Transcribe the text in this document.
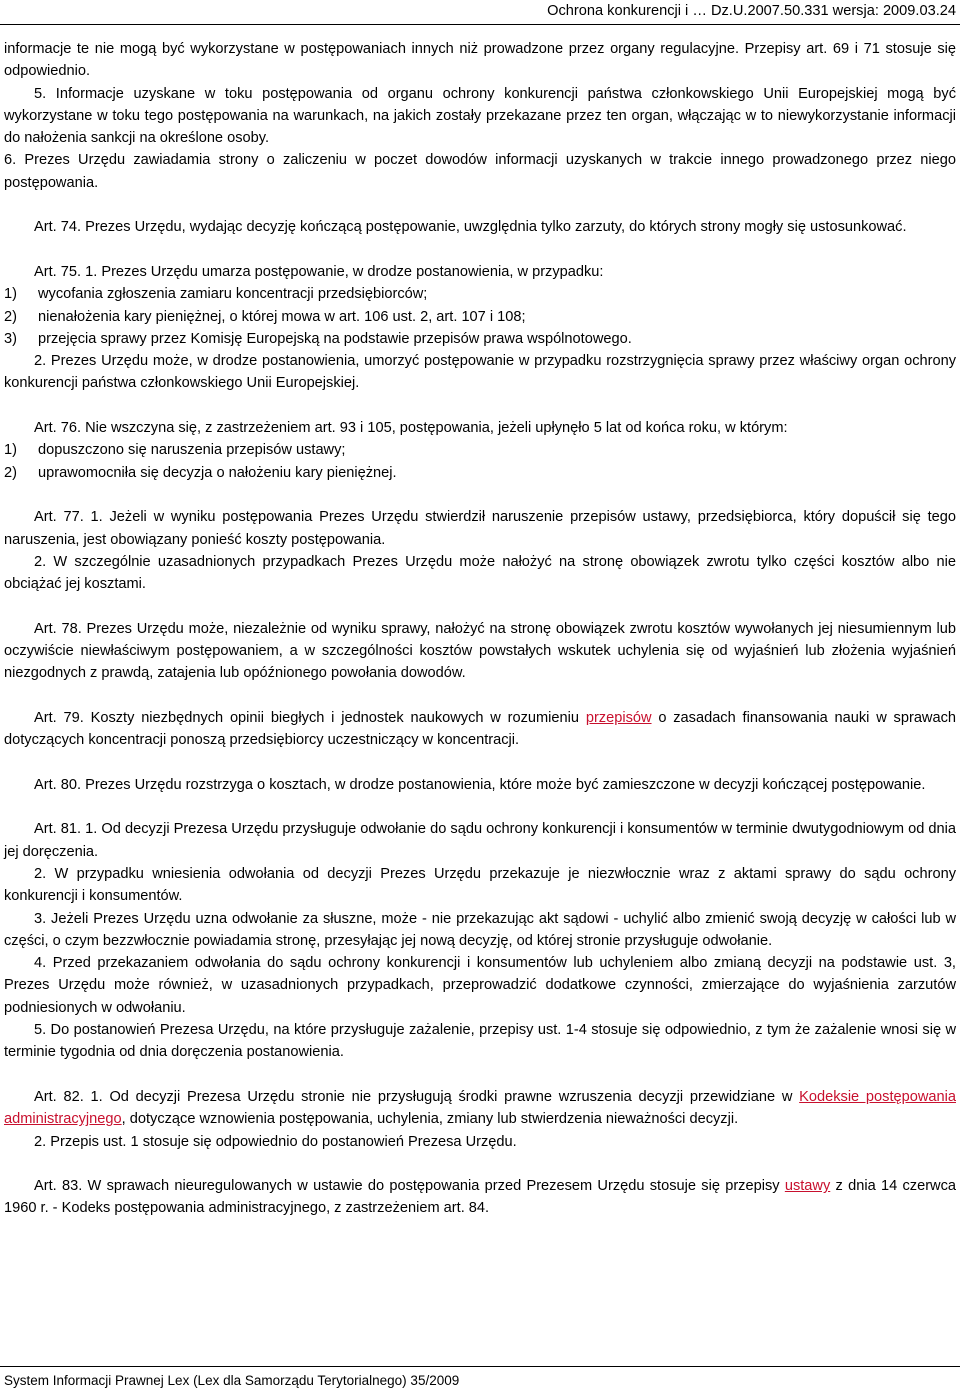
Ochrona konkurencji i … Dz.U.2007.50.331 wersja: 2009.03.24

informacje te nie mogą być wykorzystane w postępowaniach innych niż prowadzone przez organy regulacyjne. Przepisy art. 69 i 71 stosuje się odpowiednio.

5. Informacje uzyskane w toku postępowania od organu ochrony konkurencji państwa członkowskiego Unii Europejskiej mogą być wykorzystane w toku tego postępowania na warunkach, na jakich zostały przekazane przez ten organ, włączając w to niewykorzystanie informacji do nałożenia sankcji na określone osoby.

6. Prezes Urzędu zawiadamia strony o zaliczeniu w poczet dowodów informacji uzyskanych w trakcie innego prowadzonego przez niego postępowania.

Art. 74. Prezes Urzędu, wydając decyzję kończącą postępowanie, uwzględnia tylko zarzuty, do których strony mogły się ustosunkować.

Art. 75. 1. Prezes Urzędu umarza postępowanie, w drodze postanowienia, w przypadku:

1)	wycofania zgłoszenia zamiaru koncentracji przedsiębiorców;
2)	nienałożenia kary pieniężnej, o której mowa w art. 106 ust. 2, art. 107 i 108;
3)	przejęcia sprawy przez Komisję Europejską na podstawie przepisów prawa wspólnotowego.

2. Prezes Urzędu może, w drodze postanowienia, umorzyć postępowanie w przypadku rozstrzygnięcia sprawy przez właściwy organ ochrony konkurencji państwa członkowskiego Unii Europejskiej.

Art. 76. Nie wszczyna się, z zastrzeżeniem art. 93 i 105, postępowania, jeżeli upłynęło 5 lat od końca roku, w którym:

1)	dopuszczono się naruszenia przepisów ustawy;
2)	uprawomocniła się decyzja o nałożeniu kary pieniężnej.

Art. 77. 1. Jeżeli w wyniku postępowania Prezes Urzędu stwierdził naruszenie przepisów ustawy, przedsiębiorca, który dopuścił się tego naruszenia, jest obowiązany ponieść koszty postępowania.

2. W szczególnie uzasadnionych przypadkach Prezes Urzędu może nałożyć na stronę obowiązek zwrotu tylko części kosztów albo nie obciążać jej kosztami.

Art. 78. Prezes Urzędu może, niezależnie od wyniku sprawy, nałożyć na stronę obowiązek zwrotu kosztów wywołanych jej niesumiennym lub oczywiście niewłaściwym postępowaniem, a w szczególności kosztów powstałych wskutek uchylenia się od wyjaśnień lub złożenia wyjaśnień niezgodnych z prawdą, zatajenia lub opóźnionego powołania dowodów.

Art. 79. Koszty niezbędnych opinii biegłych i jednostek naukowych w rozumieniu przepisów o zasadach finansowania nauki w sprawach dotyczących koncentracji ponoszą przedsiębiorcy uczestniczący w koncentracji.

Art. 80. Prezes Urzędu rozstrzyga o kosztach, w drodze postanowienia, które może być zamieszczone w decyzji kończącej postępowanie.

Art. 81. 1. Od decyzji Prezesa Urzędu przysługuje odwołanie do sądu ochrony konkurencji i konsumentów w terminie dwutygodniowym od dnia jej doręczenia.

2. W przypadku wniesienia odwołania od decyzji Prezes Urzędu przekazuje je niezwłocznie wraz z aktami sprawy do sądu ochrony konkurencji i konsumentów.

3. Jeżeli Prezes Urzędu uzna odwołanie za słuszne, może - nie przekazując akt sądowi - uchylić albo zmienić swoją decyzję w całości lub w części, o czym bezzwłocznie powiadamia stronę, przesyłając jej nową decyzję, od której stronie przysługuje odwołanie.

4. Przed przekazaniem odwołania do sądu ochrony konkurencji i konsumentów lub uchyleniem albo zmianą decyzji na podstawie ust. 3, Prezes Urzędu może również, w uzasadnionych przypadkach, przeprowadzić dodatkowe czynności, zmierzające do wyjaśnienia zarzutów podniesionych w odwołaniu.

5. Do postanowień Prezesa Urzędu, na które przysługuje zażalenie, przepisy ust. 1-4 stosuje się odpowiednio, z tym że zażalenie wnosi się w terminie tygodnia od dnia doręczenia postanowienia.

Art. 82. 1. Od decyzji Prezesa Urzędu stronie nie przysługują środki prawne wzruszenia decyzji przewidziane w Kodeksie postępowania administracyjnego, dotyczące wznowienia postępowania, uchylenia, zmiany lub stwierdzenia nieważności decyzji.

2. Przepis ust. 1 stosuje się odpowiednio do postanowień Prezesa Urzędu.

Art. 83. W sprawach nieuregulowanych w ustawie do postępowania przed Prezesem Urzędu stosuje się przepisy ustawy z dnia 14 czerwca 1960 r. - Kodeks postępowania administracyjnego, z zastrzeżeniem art. 84.

System Informacji Prawnej Lex (Lex dla Samorządu Terytorialnego) 35/2009
